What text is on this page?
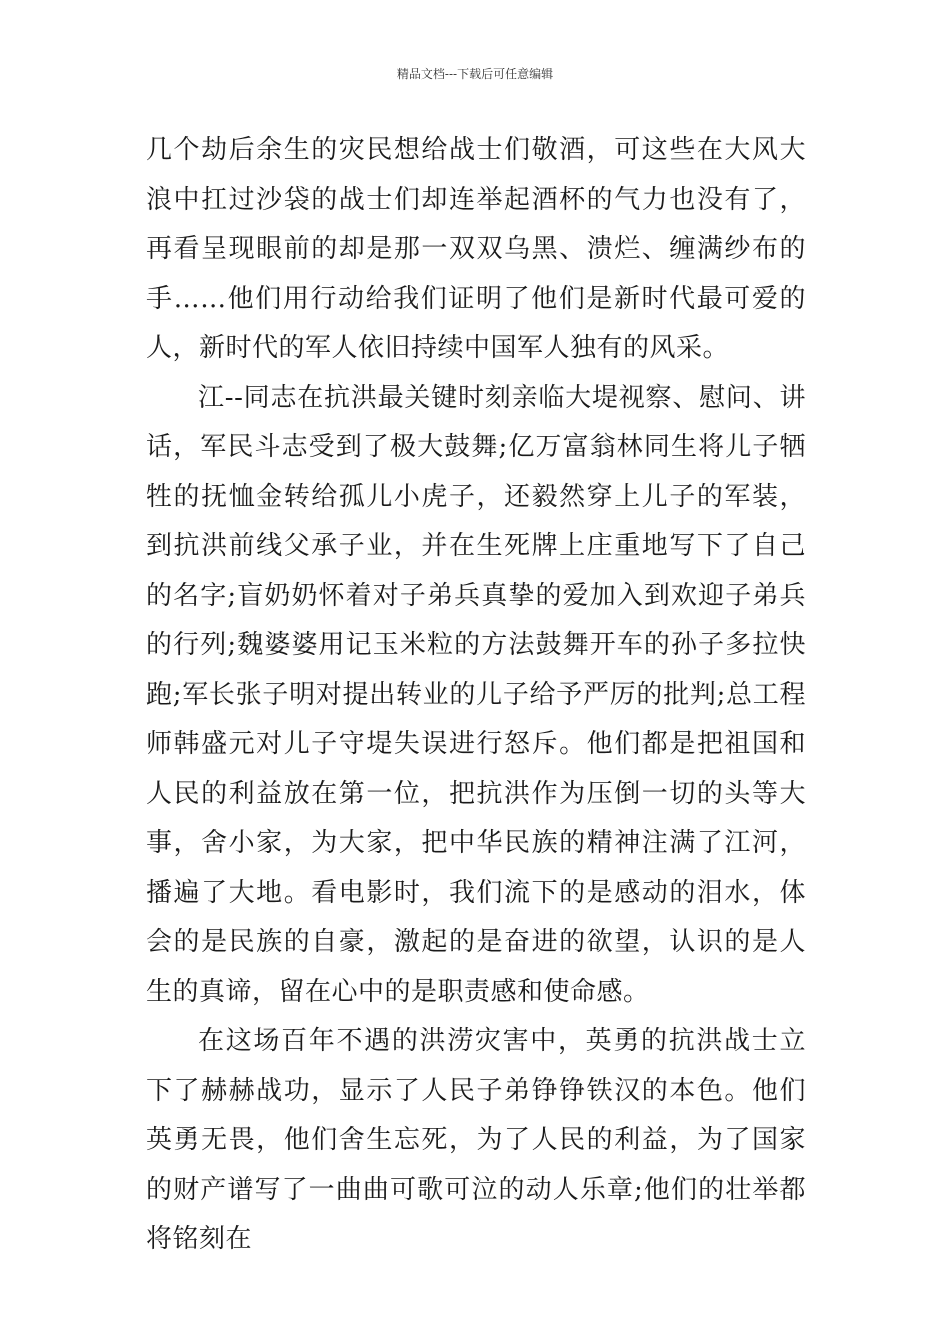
精品文档---下载后可任意编辑

几个劫后余生的灾民想给战士们敬酒，可这些在大风大浪中扛过沙袋的战士们却连举起酒杯的气力也没有了，再看呈现眼前的却是那一双双乌黑、溃烂、缠满纱布的手……他们用行动给我们证明了他们是新时代最可爱的人，新时代的军人依旧持续中国军人独有的风采。

江--同志在抗洪最关键时刻亲临大堤视察、慰问、讲话，军民斗志受到了极大鼓舞;亿万富翁林同生将儿子牺牲的抚恤金转给孤儿小虎子，还毅然穿上儿子的军装，到抗洪前线父承子业，并在生死牌上庄重地写下了自己的名字;盲奶奶怀着对子弟兵真挚的爱加入到欢迎子弟兵的行列;魏婆婆用记玉米粒的方法鼓舞开车的孙子多拉快跑;军长张子明对提出转业的儿子给予严厉的批判;总工程师韩盛元对儿子守堤失误进行怒斥。他们都是把祖国和人民的利益放在第一位，把抗洪作为压倒一切的头等大事，舍小家，为大家，把中华民族的精神注满了江河，播遍了大地。看电影时，我们流下的是感动的泪水，体会的是民族的自豪，激起的是奋进的欲望，认识的是人生的真谛，留在心中的是职责感和使命感。

在这场百年不遇的洪涝灾害中，英勇的抗洪战士立下了赫赫战功，显示了人民子弟铮铮铁汉的本色。他们英勇无畏，他们舍生忘死，为了人民的利益，为了国家的财产谱写了一曲曲可歌可泣的动人乐章;他们的壮举都将铭刻在
